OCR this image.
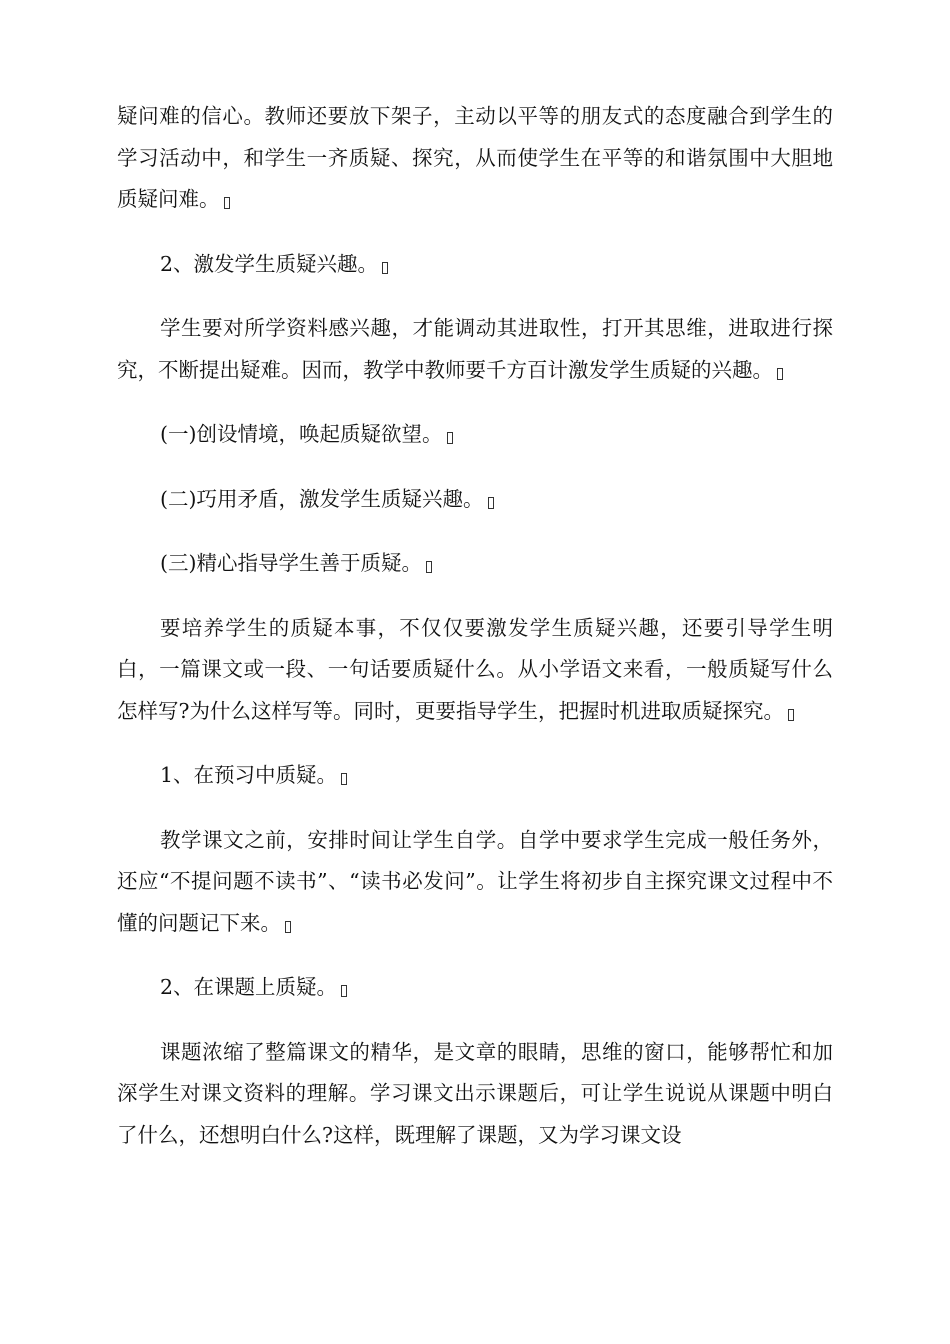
疑问难的信心。教师还要放下架子，主动以平等的朋友式的态度融合到学生的学习活动中，和学生一齐质疑、探究，从而使学生在平等的和谐氛围中大胆地质疑问难。

2、激发学生质疑兴趣。

学生要对所学资料感兴趣，才能调动其进取性，打开其思维，进取进行探究，不断提出疑难。因而，教学中教师要千方百计激发学生质疑的兴趣。

(一)创设情境，唤起质疑欲望。

(二)巧用矛盾，激发学生质疑兴趣。

(三)精心指导学生善于质疑。

要培养学生的质疑本事，不仅仅要激发学生质疑兴趣，还要引导学生明白，一篇课文或一段、一句话要质疑什么。从小学语文来看，一般质疑写什么怎样写?为什么这样写等。同时，更要指导学生，把握时机进取质疑探究。

1、在预习中质疑。

教学课文之前，安排时间让学生自学。自学中要求学生完成一般任务外，还应“不提问题不读书”、“读书必发问”。让学生将初步自主探究课文过程中不懂的问题记下来。

2、在课题上质疑。

课题浓缩了整篇课文的精华，是文章的眼睛，思维的窗口，能够帮忙和加深学生对课文资料的理解。学习课文出示课题后，可让学生说说从课题中明白了什么，还想明白什么?这样，既理解了课题，又为学习课文设
